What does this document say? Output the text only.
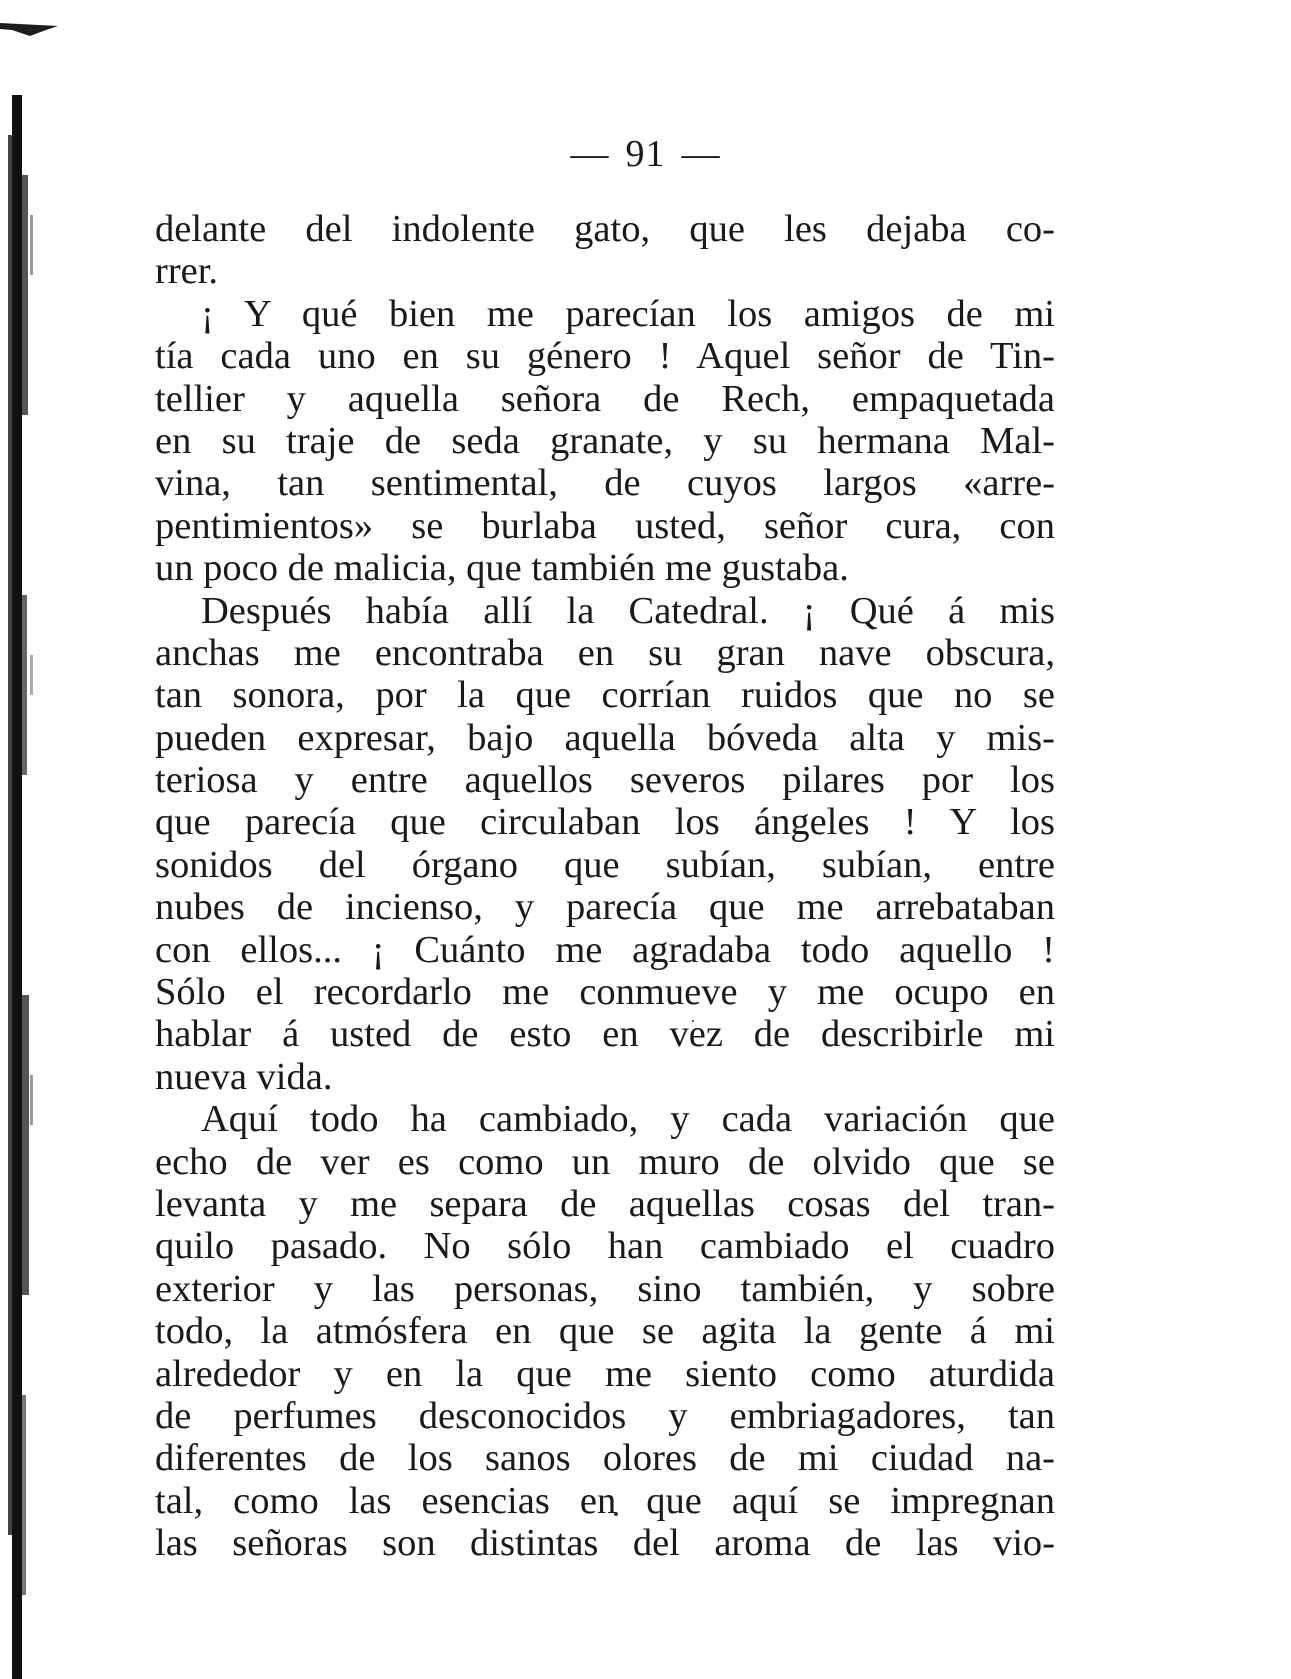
— 91 —
delante del indolente gato, que les dejaba co-
rrer.
¡ Y qué bien me parecían los amigos de mi
tía cada uno en su género ! Aquel señor de Tin-
tellier y aquella señora de Rech, empaquetada
en su traje de seda granate, y su hermana Mal-
vina, tan sentimental, de cuyos largos «arre-
pentimientos» se burlaba usted, señor cura, con
un poco de malicia, que también me gustaba.
Después había allí la Catedral. ¡ Qué á mis
anchas me encontraba en su gran nave obscura,
tan sonora, por la que corrían ruidos que no se
pueden expresar, bajo aquella bóveda alta y mis-
teriosa y entre aquellos severos pilares por los
que parecía que circulaban los ángeles ! Y los
sonidos del órgano que subían, subían, entre
nubes de incienso, y parecía que me arrebataban
con ellos... ¡ Cuánto me agradaba todo aquello !
Sólo el recordarlo me conmueve y me ocupo en
hablar á usted de esto en vez de describirle mi
nueva vida.
Aquí todo ha cambiado, y cada variación que
echo de ver es como un muro de olvido que se
levanta y me separa de aquellas cosas del tran-
quilo pasado. No sólo han cambiado el cuadro
exterior y las personas, sino también, y sobre
todo, la atmósfera en que se agita la gente á mi
alrededor y en la que me siento como aturdida
de perfumes desconocidos y embriagadores, tan
diferentes de los sanos olores de mi ciudad na-
tal, como las esencias en que aquí se impregnan
las señoras son distintas del aroma de las vio-
